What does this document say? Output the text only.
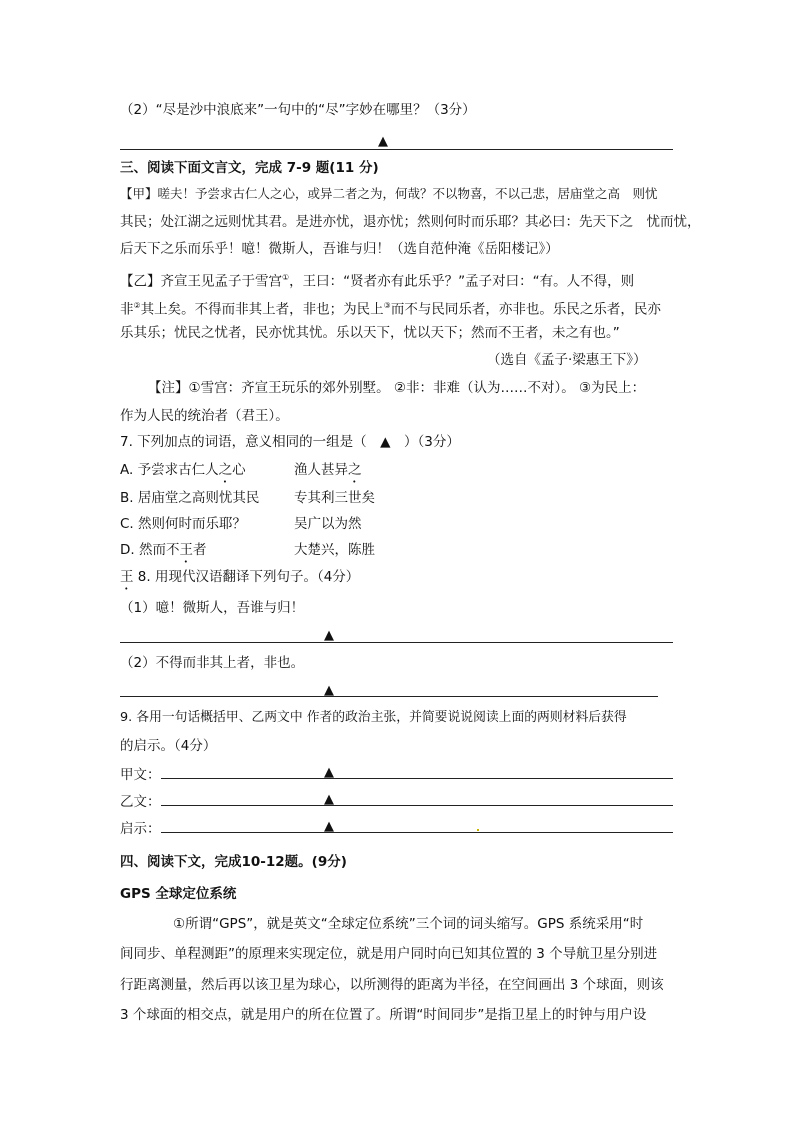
（2）“尽是沙中浪底来”一句中的“尽”字妙在哪里？（3分）
▲
三、阅读下面文言文，完成 7-9 题(11 分)
【甲】嗟夫！予尝求古仁人之心，或异二者之为，何哉？不以物喜，不以己悲，居庙堂之高　则忧
其民；处江湖之远则忧其君。是进亦忧，退亦忧；然则何时而乐耶？其必曰：先天下之　忧而忧，
后天下之乐而乐乎！噫！微斯人，吾谁与归！（选自范仲淹《岳阳楼记》）
【乙】齐宣王见孟子于雪宫①，王曰：“贤者亦有此乐乎？”孟子对曰：“有。人不得，则
非②其上矣。不得而非其上者，非也；为民上③而不与民同乐者，亦非也。乐民之乐者，民亦
乐其乐；忧民之忧者，民亦忧其忧。乐以天下，忧以天下；然而不王者，未之有也。”
（选自《孟子·梁惠王下》）
【注】①雪宫：齐宣王玩乐的郊外别墅。 ②非：非难（认为……不对）。 ③为民上：
作为人民的统治者（君王）。
7. 下列加点的词语，意义相同的一组是（　▲　）（3分）
A. 予尝求古仁人之心	渔人甚异之
B. 居庙堂之高则忧其民	专其利三世矣
C. 然则何时而乐耶？	吴广以为然
D. 然而不王者	大楚兴，陈胜
王 8. 用现代汉语翻译下列句子。（4分）
（1）噫！微斯人，吾谁与归！
▲
（2）不得而非其上者，非也。
▲
9. 各用一句话概括甲、乙两文中 作者的政治主张，并简要说说阅读上面的两则材料后获得
的启示。（4分）
甲文：	▲
乙文：	▲
启示：	▲
四、阅读下文，完成10-12题。(9分)
GPS 全球定位系统
①所谓“GPS”，就是英文“全球定位系统”三个词的词头缩写。GPS 系统采用“时
间同步、单程测距”的原理来实现定位，就是用户同时向已知其位置的 3 个导航卫星分别进
行距离测量，然后再以该卫星为球心，以所测得的距离为半径，在空间画出 3 个球面，则该
3 个球面的相交点，就是用户的所在位置了。所谓“时间同步”是指卫星上的时钟与用户设
